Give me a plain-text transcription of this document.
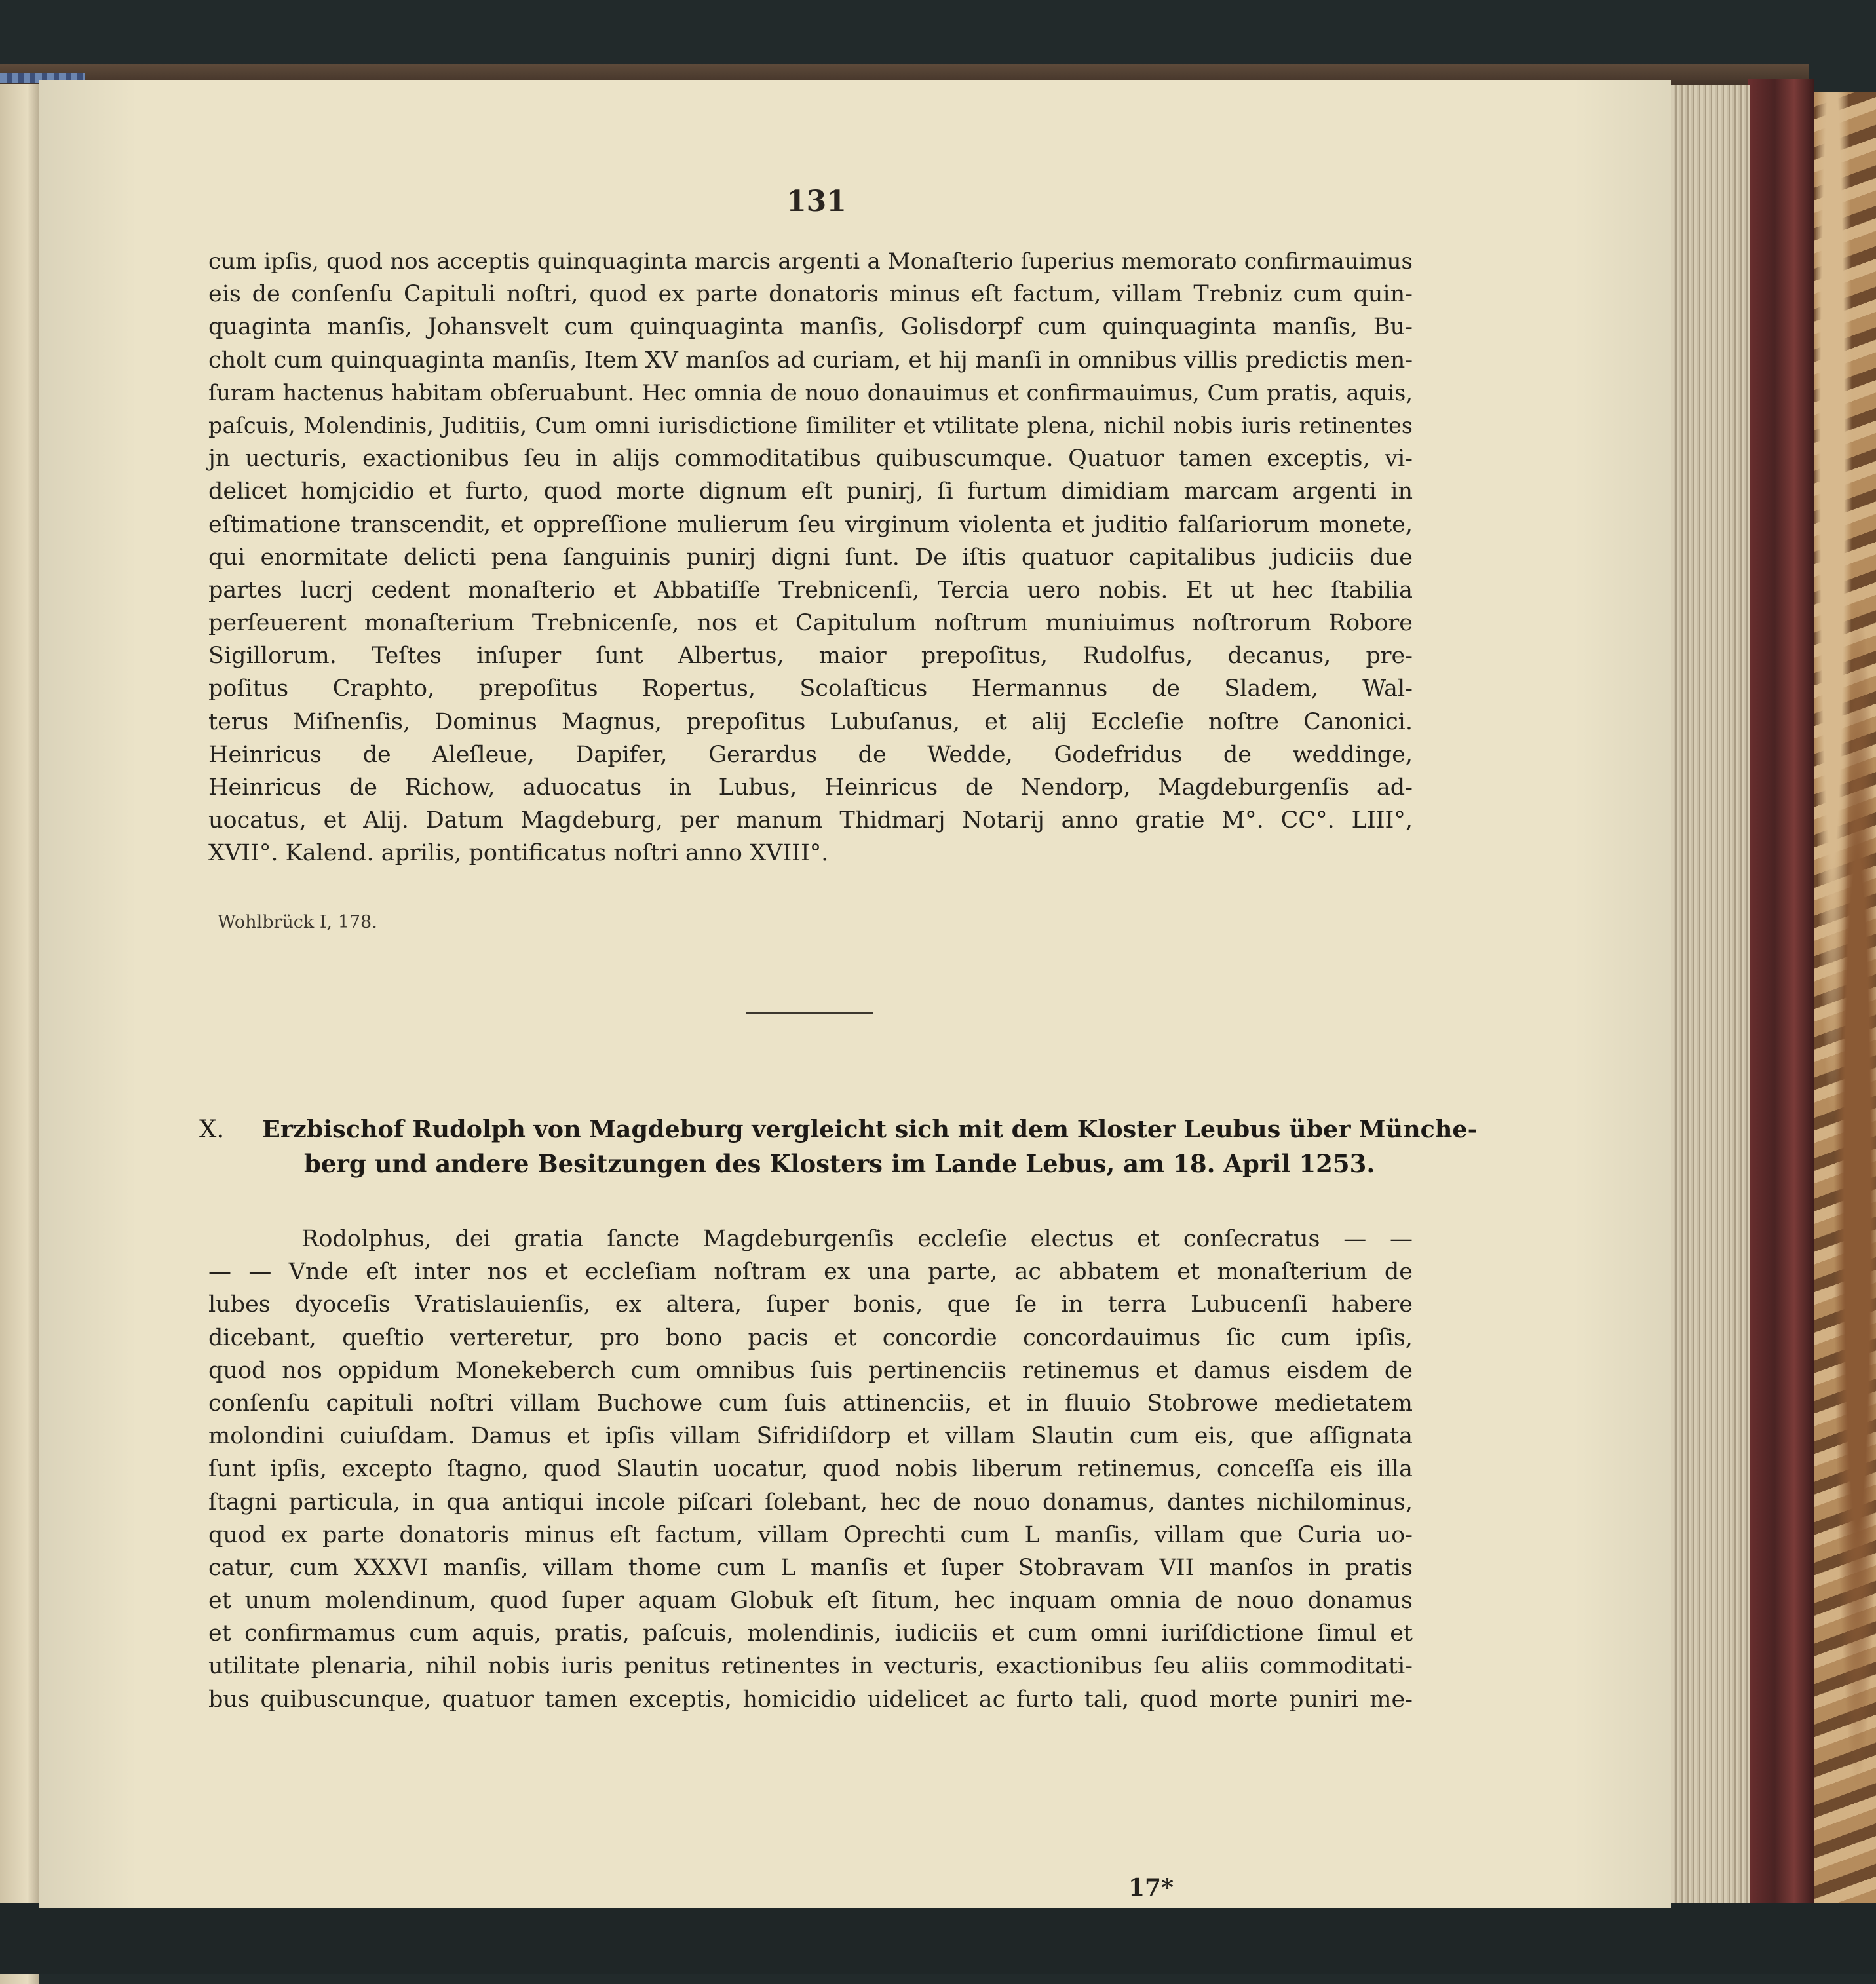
131
cum ipſis, quod nos acceptis quinquaginta marcis argenti a Monaſterio ſuperius memorato confirmauimus
eis de conſenſu Capituli noſtri, quod ex parte donatoris minus eſt factum, villam Trebniz cum quin-
quaginta manſis, Johansvelt cum quinquaginta manſis, Golisdorpf cum quinquaginta manſis, Bu-
cholt cum quinquaginta manſis, Item XV manſos ad curiam, et hij manſi in omnibus villis predictis men-
ſuram hactenus habitam obſeruabunt. Hec omnia de nouo donauimus et confirmauimus, Cum pratis, aquis,
paſcuis, Molendinis, Juditiis, Cum omni iurisdictione ſimiliter et vtilitate plena, nichil nobis iuris retinentes
jn uecturis, exactionibus ſeu in alijs commoditatibus quibuscumque. Quatuor tamen exceptis, vi-
delicet homjcidio et furto, quod morte dignum eſt punirj, ſi furtum dimidiam marcam argenti in
eſtimatione transcendit, et oppreſſione mulierum ſeu virginum violenta et juditio falſariorum monete,
qui enormitate delicti pena ſanguinis punirj digni ſunt. De iſtis quatuor capitalibus judiciis due
partes lucrj cedent monaſterio et Abbatiſſe Trebnicenſi, Tercia uero nobis. Et ut hec ſtabilia
perſeuerent monaſterium Trebnicenſe, nos et Capitulum noſtrum muniuimus noſtrorum Robore
Sigillorum. Teſtes inſuper ſunt Albertus, maior prepoſitus, Rudolfus, decanus, pre-
poſitus Craphto, prepoſitus Ropertus, Scolaſticus Hermannus de Sladem, Wal-
terus Miſnenſis, Dominus Magnus, prepoſitus Lubuſanus, et alij Eccleſie noſtre Canonici.
Heinricus de Aleſleue, Dapifer, Gerardus de Wedde, Godefridus de weddinge,
Heinricus de Richow, aduocatus in Lubus, Heinricus de Nendorp, Magdeburgenſis ad-
uocatus, et Alij. Datum Magdeburg, per manum Thidmarj Notarij anno gratie M°. CC°. LIII°,
XVII°. Kalend. aprilis, pontificatus noſtri anno XVIII°.
Wohlbrück I, 178.
X. Erzbischof Rudolph von Magdeburg vergleicht sich mit dem Kloster Leubus über Münche-
berg und andere Besitzungen des Klosters im Lande Lebus, am 18. April 1253.
Rodolphus, dei gratia ſancte Magdeburgenſis eccleſie electus et conſecratus — —
— — Vnde eſt inter nos et eccleſiam noſtram ex una parte, ac abbatem et monaſterium de
lubes dyoceſis Vratislauienſis, ex altera, ſuper bonis, que ſe in terra Lubucenſi habere
dicebant, queſtio verteretur, pro bono pacis et concordie concordauimus ſic cum ipſis,
quod nos oppidum Monekeberch cum omnibus ſuis pertinenciis retinemus et damus eisdem de
conſenſu capituli noſtri villam Buchowe cum ſuis attinenciis, et in fluuio Stobrowe medietatem
molondini cuiuſdam. Damus et ipſis villam Sifridiſdorp et villam Slautin cum eis, que aſſignata
ſunt ipſis, excepto ſtagno, quod Slautin uocatur, quod nobis liberum retinemus, conceſſa eis illa
ſtagni particula, in qua antiqui incole piſcari ſolebant, hec de nouo donamus, dantes nichilominus,
quod ex parte donatoris minus eſt factum, villam Oprechti cum L manſis, villam que Curia uo-
catur, cum XXXVI manſis, villam thome cum L manſis et ſuper Stobravam VII manſos in pratis
et unum molendinum, quod ſuper aquam Globuk eſt ſitum, hec inquam omnia de nouo donamus
et confirmamus cum aquis, pratis, paſcuis, molendinis, iudiciis et cum omni iuriſdictione ſimul et
utilitate plenaria, nihil nobis iuris penitus retinentes in vecturis, exactionibus ſeu aliis commoditati-
bus quibuscunque, quatuor tamen exceptis, homicidio uidelicet ac furto tali, quod morte puniri me-
17*
